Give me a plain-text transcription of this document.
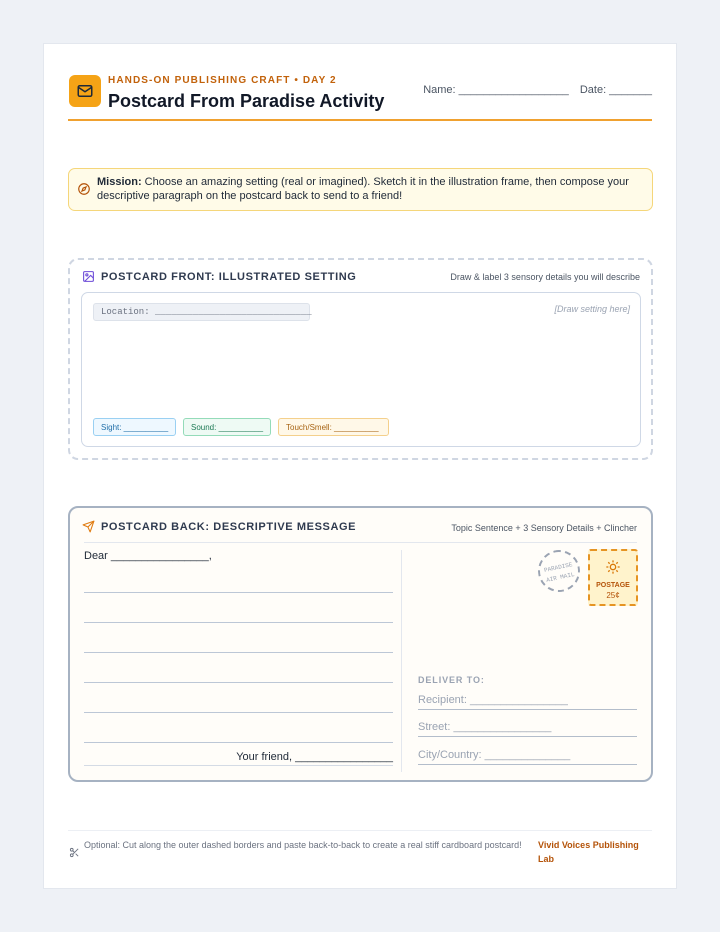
HANDS-ON PUBLISHING CRAFT • DAY 2
Postcard From Paradise Activity
Name: __________________ Date: _______
Mission: Choose an amazing setting (real or imagined). Sketch it in the illustration frame, then compose your descriptive paragraph on the postcard back to send to a friend!
POSTCARD FRONT: ILLUSTRATED SETTING	Draw & label 3 sensory details you will describe
Location: _____________________________	[Draw setting here]
Sight: __________	Sound: __________	Touch/Smell: __________
POSTCARD BACK: DESCRIPTIVE MESSAGE	Topic Sentence + 3 Sensory Details + Clincher
Dear ________________,
Your friend, ________________
PARADISE
AIR MAIL
POSTAGE
25¢
DELIVER TO:
Recipient: ________________
Street: ________________
City/Country: ______________
Optional: Cut along the outer dashed borders and paste back-to-back to create a real stiff cardboard postcard! Vivid Voices Publishing Lab
